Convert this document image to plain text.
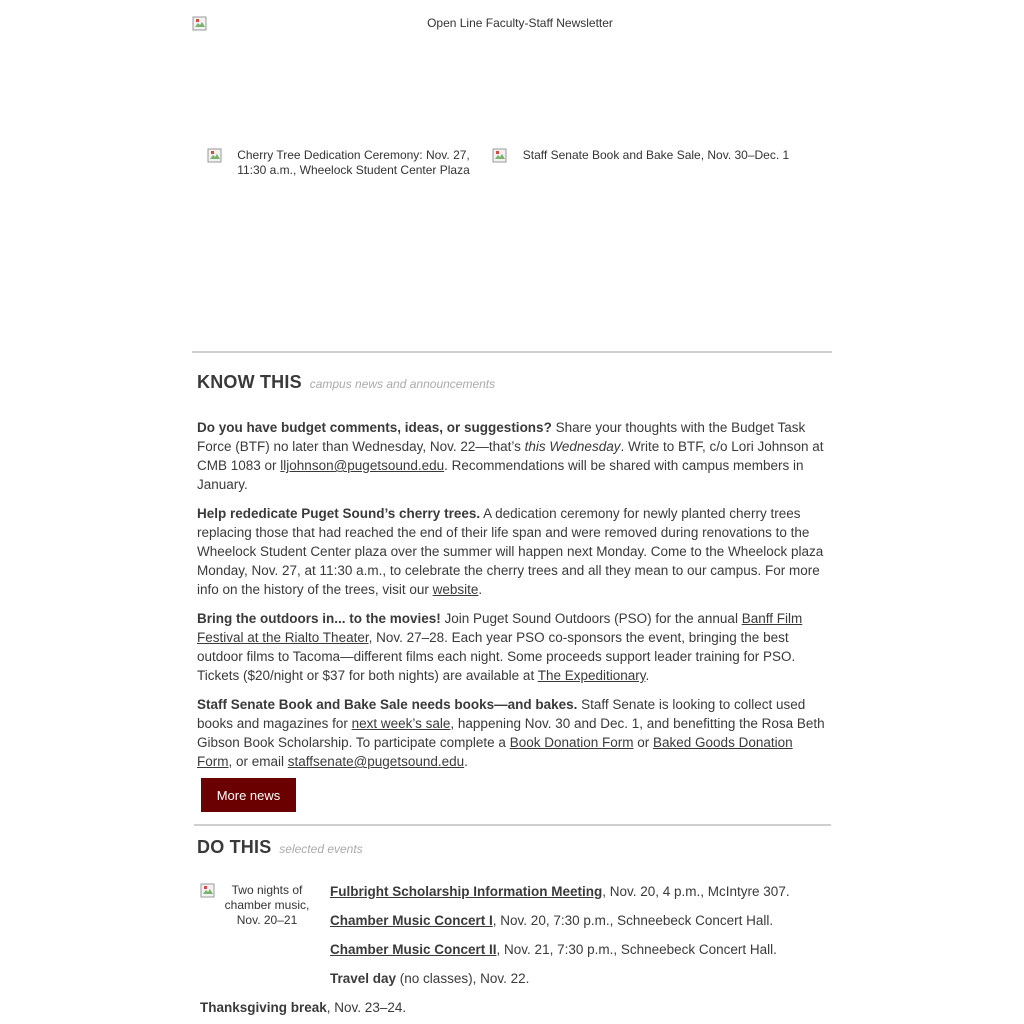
Open Line Faculty-Staff Newsletter
Cherry Tree Dedication Ceremony: Nov. 27, 11:30 a.m., Wheelock Student Center Plaza
Staff Senate Book and Bake Sale, Nov. 30–Dec. 1
KNOW THIS campus news and announcements

Do you have budget comments, ideas, or suggestions? Share your thoughts with the Budget Task Force (BTF) no later than Wednesday, Nov. 22—that’s this Wednesday. Write to BTF, c/o Lori Johnson at CMB 1083 or lljohnson@pugetsound.edu. Recommendations will be shared with campus members in January.

Help rededicate Puget Sound’s cherry trees. A dedication ceremony for newly planted cherry trees replacing those that had reached the end of their life span and were removed during renovations to the Wheelock Student Center plaza over the summer will happen next Monday. Come to the Wheelock plaza Monday, Nov. 27, at 11:30 a.m., to celebrate the cherry trees and all they mean to our campus. For more info on the history of the trees, visit our website.

Bring the outdoors in... to the movies! Join Puget Sound Outdoors (PSO) for the annual Banff Film Festival at the Rialto Theater, Nov. 27–28. Each year PSO co-sponsors the event, bringing the best outdoor films to Tacoma—different films each night. Some proceeds support leader training for PSO. Tickets ($20/night or $37 for both nights) are available at The Expeditionary.

Staff Senate Book and Bake Sale needs books—and bakes. Staff Senate is looking to collect used books and magazines for next week’s sale, happening Nov. 30 and Dec. 1, and benefitting the Rosa Beth Gibson Book Scholarship. To participate complete a Book Donation Form or Baked Goods Donation Form, or email staffsenate@pugetsound.edu.

More news
DO THIS selected events
Two nights of chamber music, Nov. 20–21
Fulbright Scholarship Information Meeting, Nov. 20, 4 p.m., McIntyre 307.
Chamber Music Concert I, Nov. 20, 7:30 p.m., Schneebeck Concert Hall.
Chamber Music Concert II, Nov. 21, 7:30 p.m., Schneebeck Concert Hall.
Travel day (no classes), Nov. 22.
Thanksgiving break, Nov. 23–24.
